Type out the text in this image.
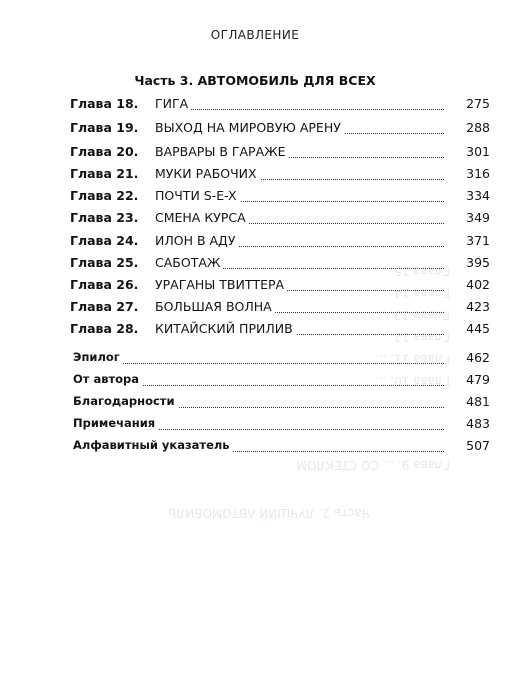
Часть 2. ЛУЧШИЙ АВТОМОБИЛЬ
Глава 9. ... СО СТЕКЛОМ
Глава 10. ...
Глава 11. ...
Глава 12. ...
Глава 13. ...
Глава 14. ...
Глава 15. ...
ОГЛАВЛЕНИЕ
Часть 3. АВТОМОБИЛЬ ДЛЯ ВСЕХ
Глава 18. ГИГА	275
Глава 19. ВЫХОД НА МИРОВУЮ АРЕНУ	288
Глава 20. ВАРВАРЫ В ГАРАЖЕ	301
Глава 21. МУКИ РАБОЧИХ	316
Глава 22. ПОЧТИ S-E-X	334
Глава 23. СМЕНА КУРСА	349
Глава 24. ИЛОН В АДУ	371
Глава 25. САБОТАЖ	395
Глава 26. УРАГАНЫ ТВИТТЕРА	402
Глава 27. БОЛЬШАЯ ВОЛНА	423
Глава 28. КИТАЙСКИЙ ПРИЛИВ	445
Эпилог	462
От автора	479
Благодарности	481
Примечания	483
Алфавитный указатель	507
